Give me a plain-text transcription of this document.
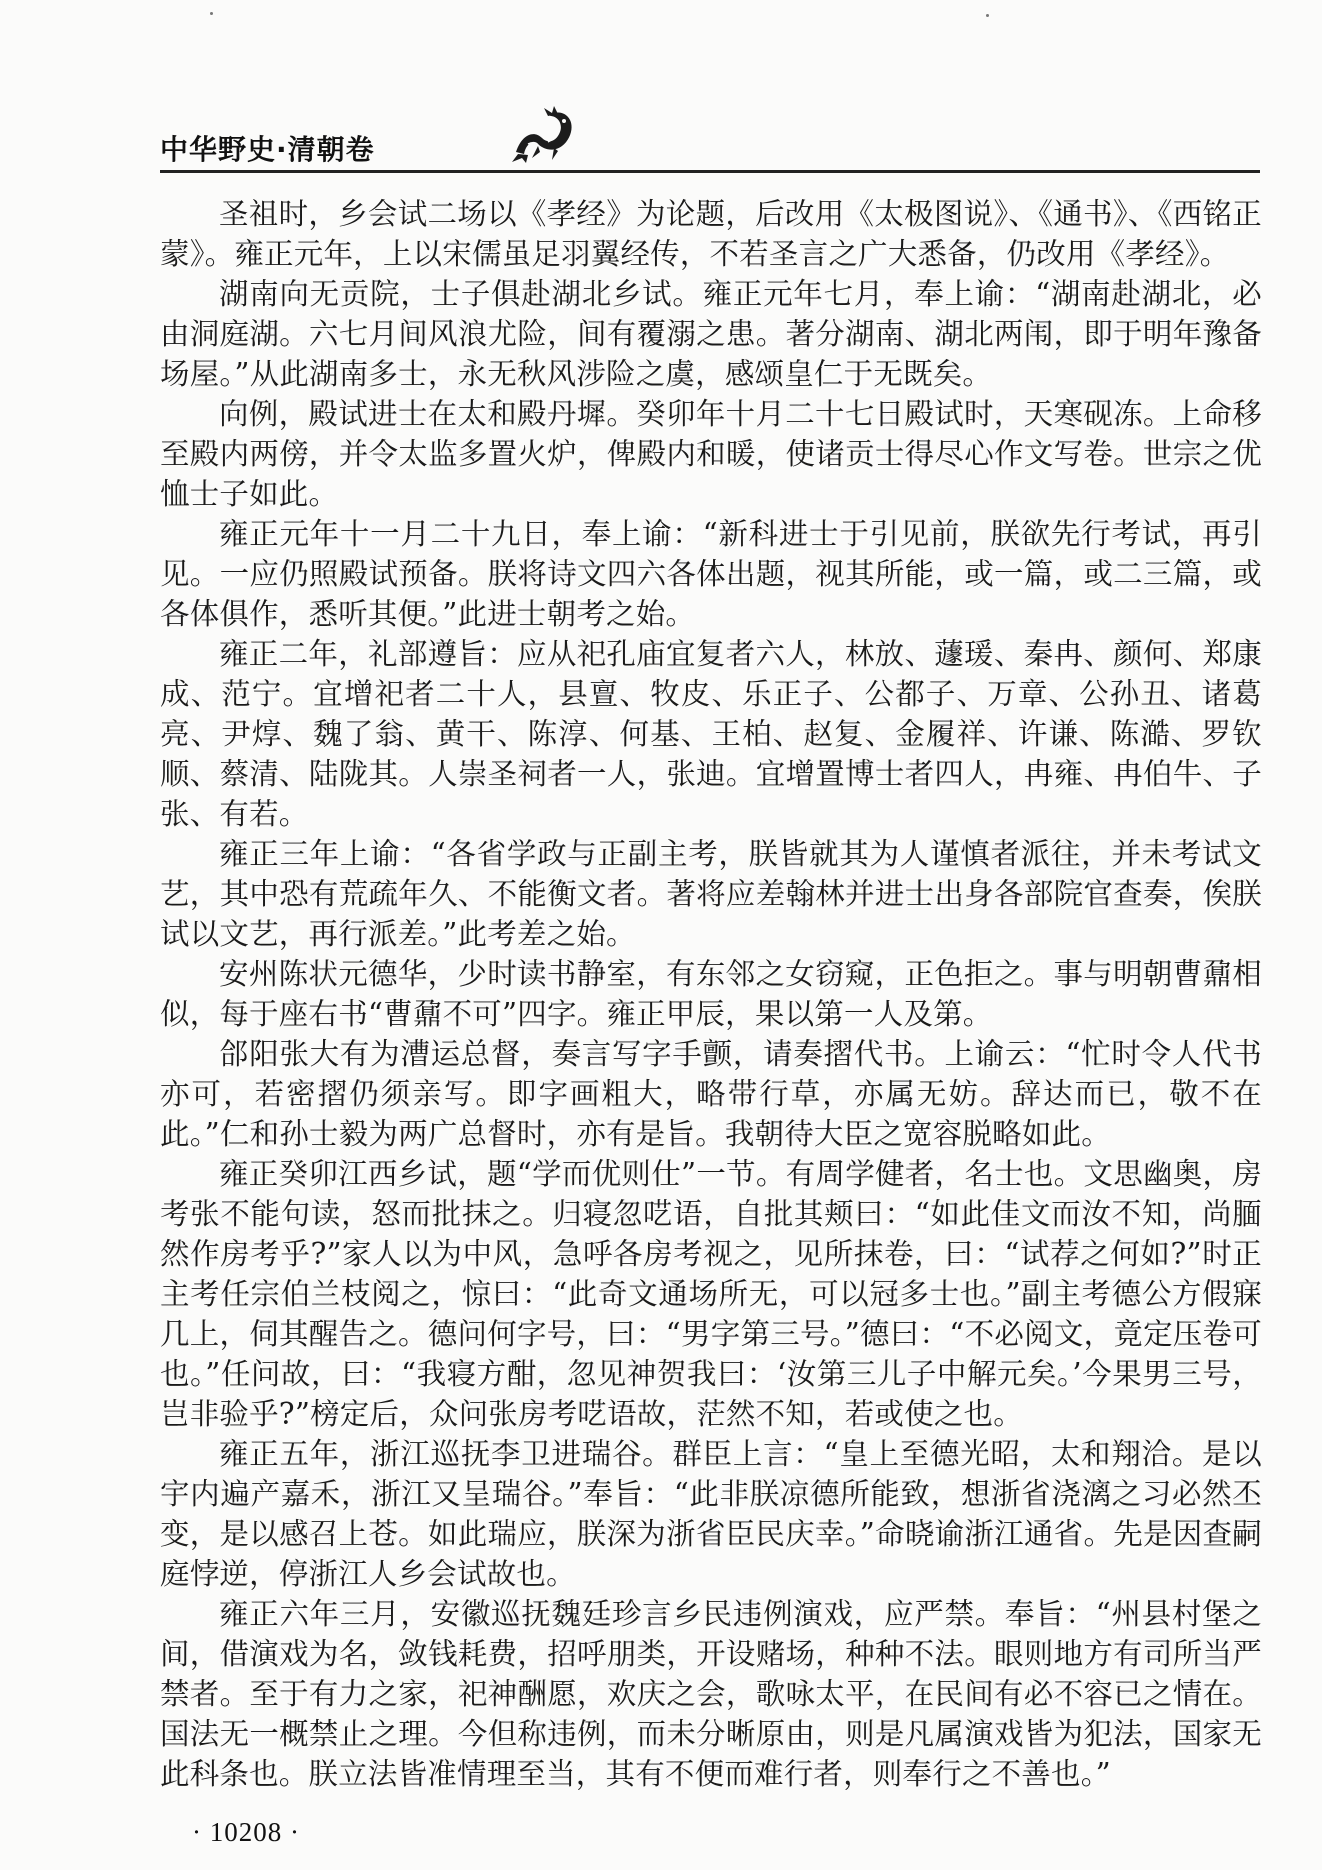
中华野史·清朝卷

圣祖时，乡会试二场以《孝经》为论题，后改用《太极图说》、《通书》、《西铭正蒙》。雍正元年，上以宋儒虽足羽翼经传，不若圣言之广大悉备，仍改用《孝经》。

湖南向无贡院，士子俱赴湖北乡试。雍正元年七月，奉上谕：“湖南赴湖北，必由洞庭湖。六七月间风浪尤险，间有覆溺之患。著分湖南、湖北两闱，即于明年豫备场屋。”从此湖南多士，永无秋风涉险之虞，感颂皇仁于无既矣。

向例，殿试进士在太和殿丹墀。癸卯年十月二十七日殿试时，天寒砚冻。上命移至殿内两傍，并令太监多置火炉，俾殿内和暖，使诸贡士得尽心作文写卷。世宗之优恤士子如此。

雍正元年十一月二十九日，奉上谕：“新科进士于引见前，朕欲先行考试，再引见。一应仍照殿试预备。朕将诗文四六各体出题，视其所能，或一篇，或二三篇，或各体俱作，悉听其便。”此进士朝考之始。

雍正二年，礼部遵旨：应从祀孔庙宜复者六人，林放、蘧瑗、秦冉、颜何、郑康成、范宁。宜增祀者二十人，县亶、牧皮、乐正子、公都子、万章、公孙丑、诸葛亮、尹焞、魏了翁、黄干、陈淳、何基、王柏、赵复、金履祥、许谦、陈澔、罗钦顺、蔡清、陆陇其。人崇圣祠者一人，张迪。宜增置博士者四人，冉雍、冉伯牛、子张、有若。

雍正三年上谕：“各省学政与正副主考，朕皆就其为人谨慎者派往，并未考试文艺，其中恐有荒疏年久、不能衡文者。著将应差翰林并进士出身各部院官查奏，俟朕试以文艺，再行派差。”此考差之始。

安州陈状元德华，少时读书静室，有东邻之女窃窥，正色拒之。事与明朝曹鼐相似，每于座右书“曹鼐不可”四字。雍正甲辰，果以第一人及第。

郃阳张大有为漕运总督，奏言写字手颤，请奏摺代书。上谕云：“忙时令人代书亦可，若密摺仍须亲写。即字画粗大，略带行草，亦属无妨。辞达而已，敬不在此。”仁和孙士毅为两广总督时，亦有是旨。我朝待大臣之宽容脱略如此。

雍正癸卯江西乡试，题“学而优则仕”一节。有周学健者，名士也。文思幽奥，房考张不能句读，怒而批抹之。归寝忽呓语，自批其颊曰：“如此佳文而汝不知，尚腼然作房考乎?”家人以为中风，急呼各房考视之，见所抹卷，曰：“试荐之何如?”时正主考任宗伯兰枝阅之，惊曰：“此奇文通场所无，可以冠多士也。”副主考德公方假寐几上，伺其醒告之。德问何字号，曰：“男字第三号。”德曰：“不必阅文，竟定压卷可也。”任问故，曰：“我寝方酣，忽见神贺我曰：‘汝第三儿子中解元矣。’今果男三号，岂非验乎?”榜定后，众问张房考呓语故，茫然不知，若或使之也。

雍正五年，浙江巡抚李卫进瑞谷。群臣上言：“皇上至德光昭，太和翔洽。是以宇内遍产嘉禾，浙江又呈瑞谷。”奉旨：“此非朕凉德所能致，想浙省浇漓之习必然丕变，是以感召上苍。如此瑞应，朕深为浙省臣民庆幸。”命晓谕浙江通省。先是因查嗣庭悖逆，停浙江人乡会试故也。

雍正六年三月，安徽巡抚魏廷珍言乡民违例演戏，应严禁。奉旨：“州县村堡之间，借演戏为名，敛钱耗费，招呼朋类，开设赌场，种种不法。眼则地方有司所当严禁者。至于有力之家，祀神酬愿，欢庆之会，歌咏太平，在民间有必不容已之情在。国法无一概禁止之理。今但称违例，而未分晰原由，则是凡属演戏皆为犯法，国家无此科条也。朕立法皆准情理至当，其有不便而难行者，则奉行之不善也。”

· 10208 ·
